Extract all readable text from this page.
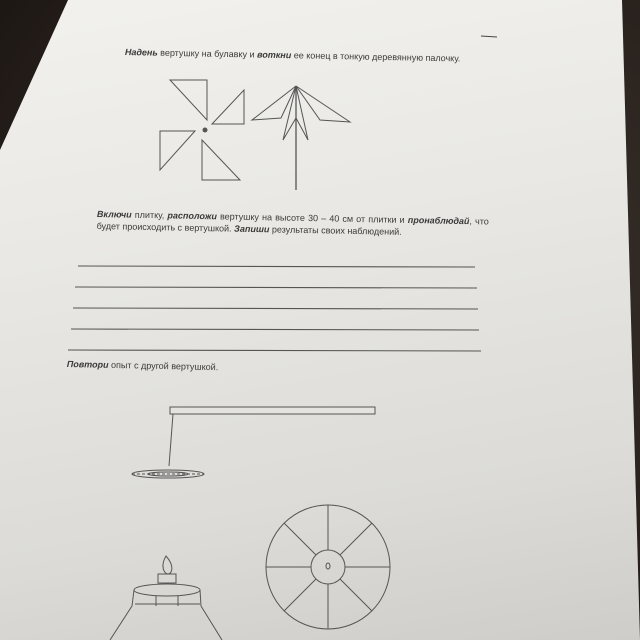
Надень вертушку на булавку и воткни ее конец в тонкую деревянную палочку.
Включи плитку, расположи вертушку на высоте 30 – 40 см от плитки и пронаблюдай, что будет происходить с вертушкой. Запиши результаты своих наблюдений.
Повтори опыт с другой вертушкой.
